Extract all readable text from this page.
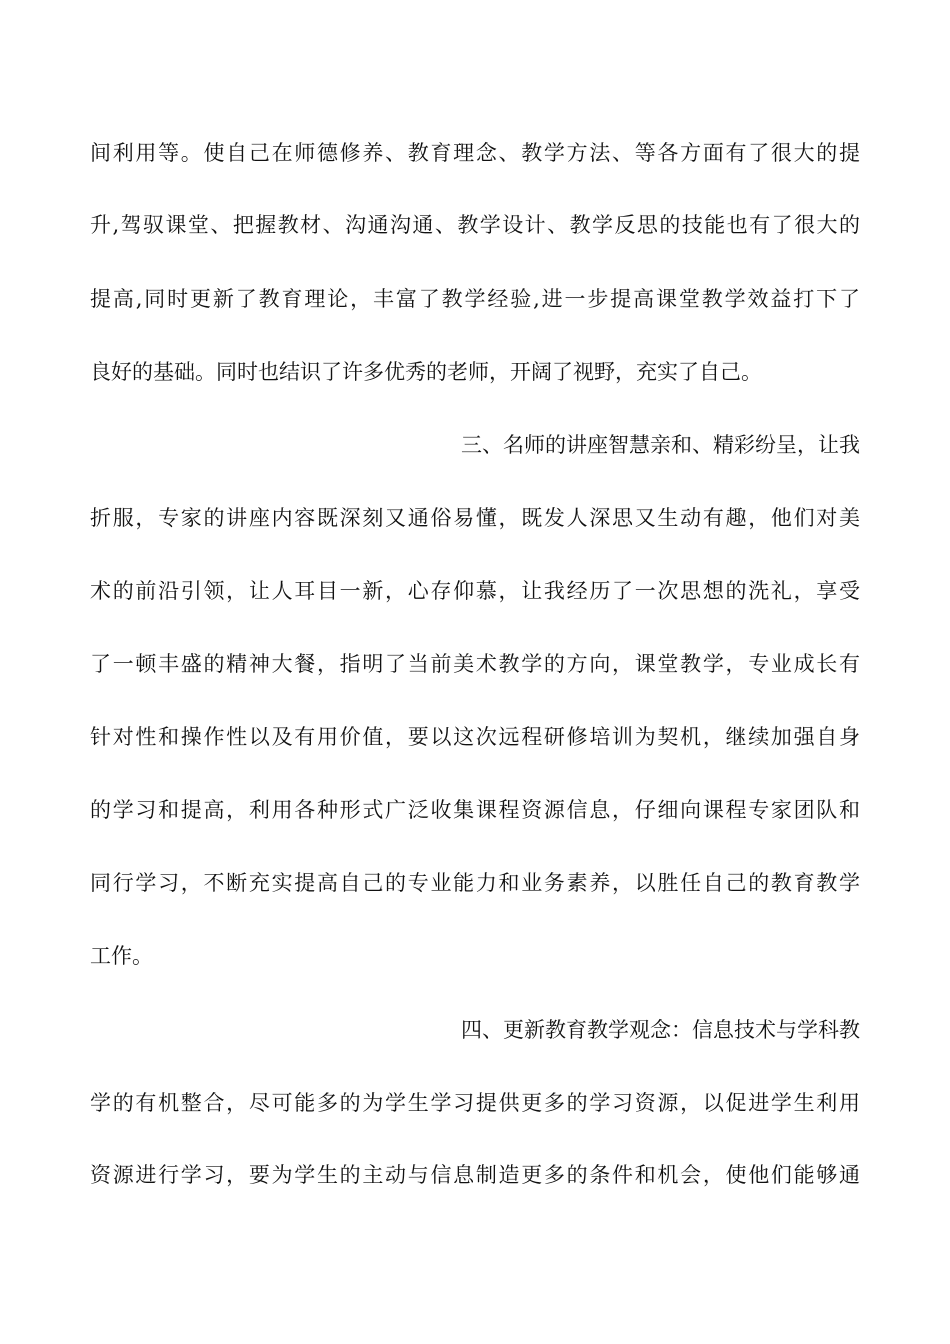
间利用等。使自己在师德修养、教育理念、教学方法、等各方面有了很大的提
升,驾驭课堂、把握教材、沟通沟通、教学设计、教学反思的技能也有了很大的
提高,同时更新了教育理论，丰富了教学经验,进一步提高课堂教学效益打下了
良好的基础。同时也结识了许多优秀的老师，开阔了视野，充实了自己。
三、名师的讲座智慧亲和、精彩纷呈，让我
折服，专家的讲座内容既深刻又通俗易懂，既发人深思又生动有趣，他们对美
术的前沿引领，让人耳目一新，心存仰慕，让我经历了一次思想的洗礼，享受
了一顿丰盛的精神大餐，指明了当前美术教学的方向，课堂教学，专业成长有
针对性和操作性以及有用价值，要以这次远程研修培训为契机，继续加强自身
的学习和提高，利用各种形式广泛收集课程资源信息，仔细向课程专家团队和
同行学习，不断充实提高自己的专业能力和业务素养，以胜任自己的教育教学
工作。
四、更新教育教学观念：信息技术与学科教
学的有机整合，尽可能多的为学生学习提供更多的学习资源，以促进学生利用
资源进行学习，要为学生的主动与信息制造更多的条件和机会，使他们能够通
